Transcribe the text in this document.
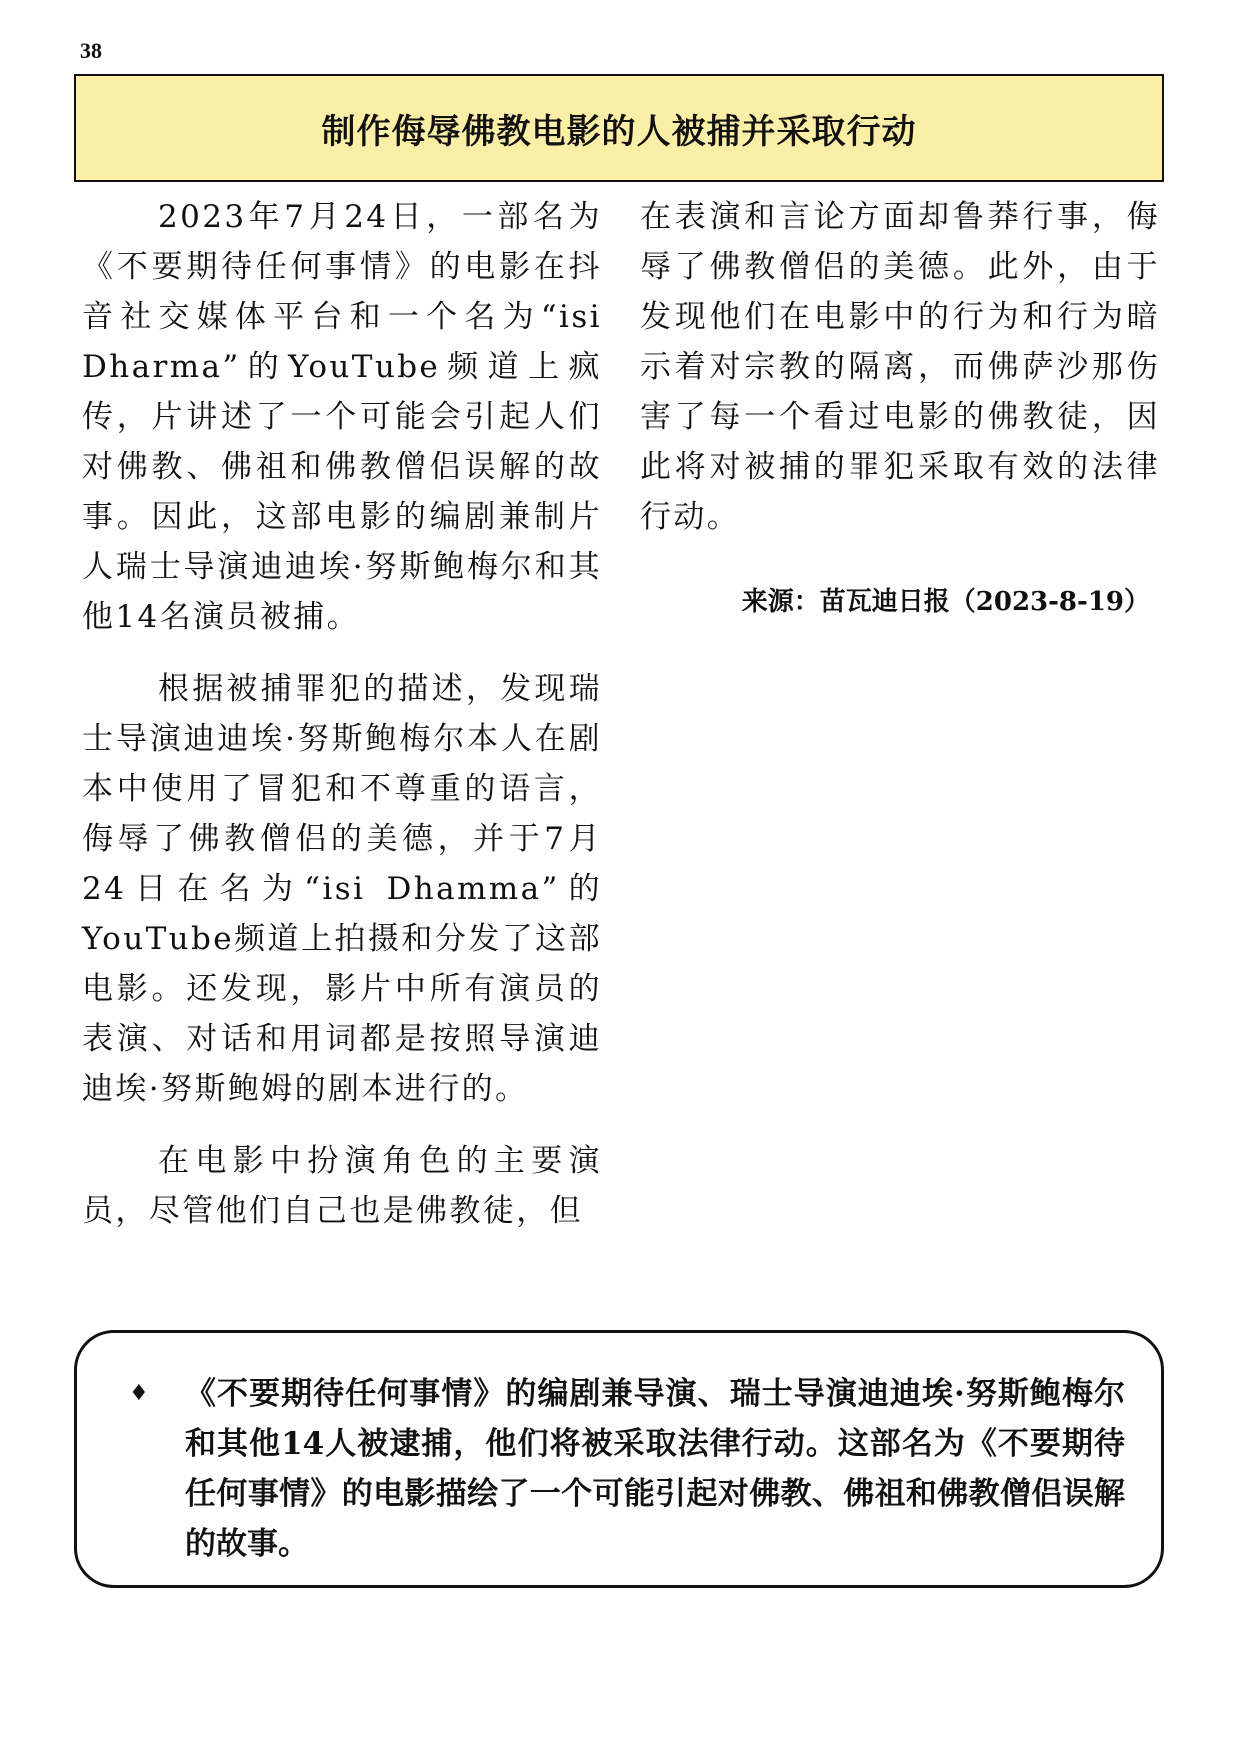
38
制作侮辱佛教电影的人被捕并采取行动

2023年7月24日，一部名为《不要期待任何事情》的电影在抖音社交媒体平台和一个名为“isi Dharma”的YouTube频道上疯传，片讲述了一个可能会引起人们对佛教、佛祖和佛教僧侣误解的故事。因此，这部电影的编剧兼制片人瑞士导演迪迪埃·努斯鲍梅尔和其他14名演员被捕。

根据被捕罪犯的描述，发现瑞士导演迪迪埃·努斯鲍梅尔本人在剧本中使用了冒犯和不尊重的语言，侮辱了佛教僧侣的美德，并于7月24日在名为“isi Dhamma”的YouTube频道上拍摄和分发了这部电影。还发现，影片中所有演员的表演、对话和用词都是按照导演迪迪埃·努斯鲍姆的剧本进行的。

在电影中扮演角色的主要演员，尽管他们自己也是佛教徒，但

在表演和言论方面却鲁莽行事，侮辱了佛教僧侣的美德。此外，由于发现他们在电影中的行为和行为暗示着对宗教的隔离，而佛萨沙那伤害了每一个看过电影的佛教徒，因此将对被捕的罪犯采取有效的法律行动。

来源：苗瓦迪日报（2023-8-19）

♦ 《不要期待任何事情》的编剧兼导演、瑞士导演迪迪埃·努斯鲍梅尔和其他14人被逮捕，他们将被采取法律行动。这部名为《不要期待任何事情》的电影描绘了一个可能引起对佛教、佛祖和佛教僧侣误解的故事。
